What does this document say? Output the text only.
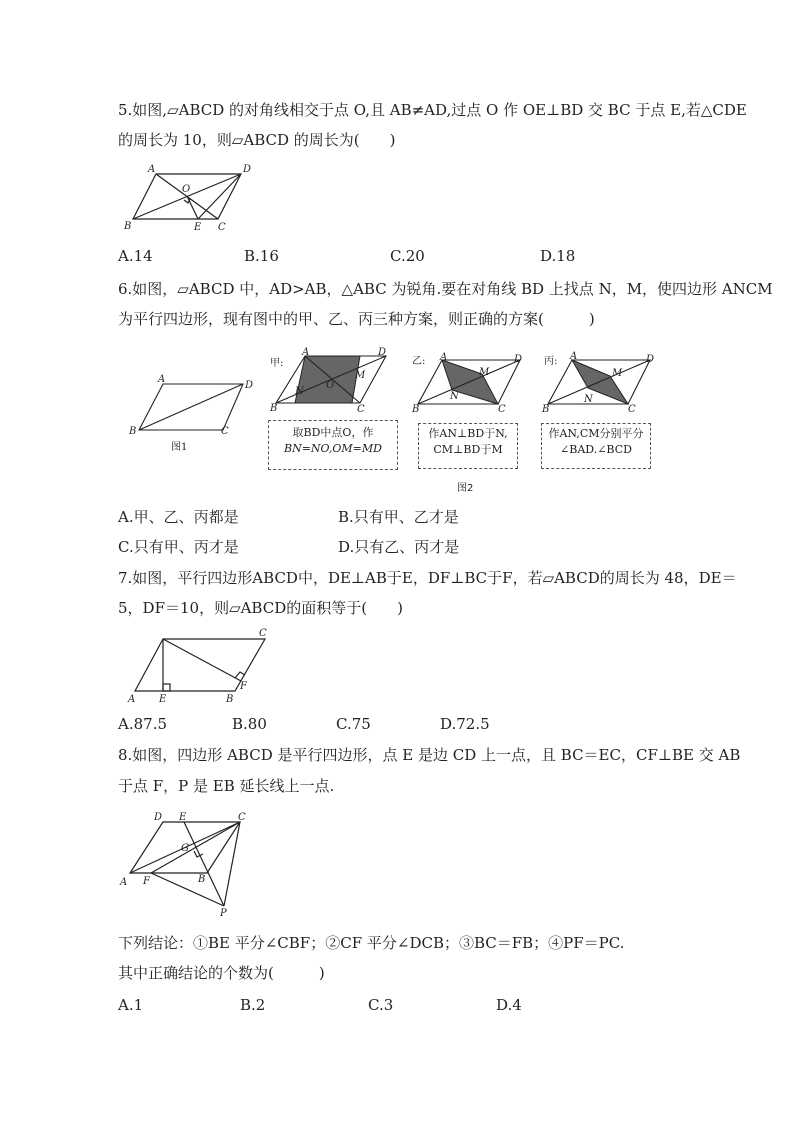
5.如图,▱ABCD 的对角线相交于点 O,且 AB≠AD,过点 O 作 OE⊥BD 交 BC 于点 E,若△CDE
的周长为 10，则▱ABCD 的周长为(　　)
A	D
O
B	E C
A.14	B.16	C.20	D.18
6.如图，▱ABCD 中，AD>AB，△ABC 为锐角.要在对角线 BD 上找点 N，M，使四边形 ANCM
为平行四边形，现有图中的甲、乙、丙三种方案，则正确的方案(　　　)
A
D
B	C
图1
甲:
A	D
M
O
N
B	C
取BD中点O，作
BN=NO,OM=MD
乙: A	D
M
N
B	C
作AN⊥BD于N,
CM⊥BD于M
丙: A	D
M
N
B	C
作AN,CM分别平分
∠BAD.∠BCD
图2
A.甲、乙、丙都是	B.只有甲、乙才是
C.只有甲、丙才是	D.只有乙、丙才是
7.如图，平行四边形ABCD中，DE⊥AB于E，DF⊥BC于F，若▱ABCD的周长为 48，DE＝
5，DF＝10，则▱ABCD的面积等于(　　)
A E	B
F
C
A.87.5	B.80	C.75	D.72.5
8.如图，四边形 ABCD 是平行四边形，点 E 是边 CD 上一点，且 BC＝EC，CF⊥BE 交 AB
于点 F，P 是 EB 延长线上一点.
D E	C
G
A F	B
P
下列结论：①BE 平分∠CBF；②CF 平分∠DCB；③BC＝FB；④PF＝PC.
其中正确结论的个数为(　　　)
A.1	B.2	C.3	D.4
